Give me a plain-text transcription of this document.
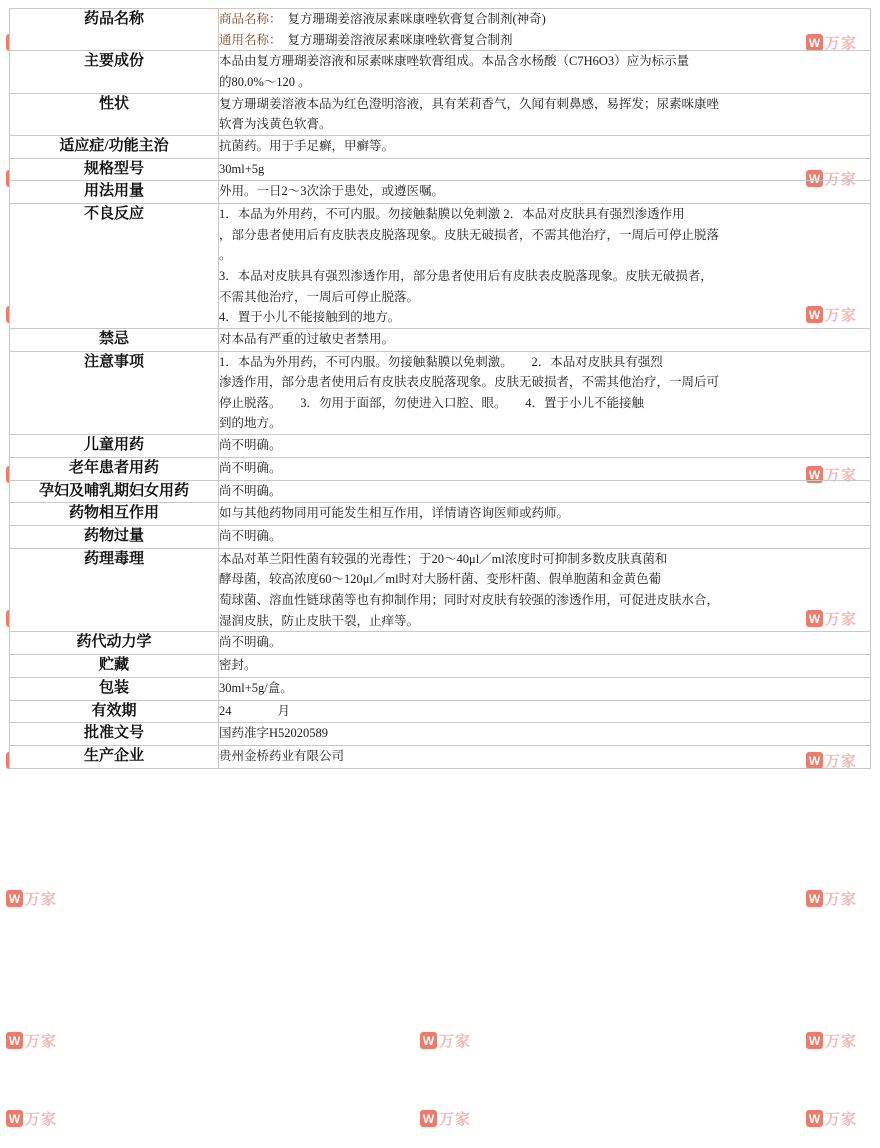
W 万家
W 万家
W 万家
W 万家
W 万家
W 万家
W 万家	W 万家
W 万家	W 万家	W 万家
W 万家	W 万家	W 万家
药品名称	商品名称： 复方珊瑚姜溶液尿素咪康唑软膏复合制剂(神奇)
通用名称： 复方珊瑚姜溶液尿素咪康唑软膏复合制剂

主要成份	本品由复方珊瑚姜溶液和尿素咪康唑软膏组成。本品含水杨酸（C7H6O3）应为标示量
的80.0%～120 。

性状	复方珊瑚姜溶液本品为红色澄明溶液，具有茉莉香气，久闻有刺鼻感，易挥发；尿素咪康唑
软膏为浅黄色软膏。

适应症/功能主治	抗菌药。用于手足癣，甲癣等。

规格型号	30ml+5g

用法用量	外用。一日2～3次涂于患处，或遵医嘱。

不良反应	1．本品为外用药，不可内服。勿接触黏膜以免刺激 2．本品对皮肤具有强烈渗透作用
，部分患者使用后有皮肤表皮脱落现象。皮肤无破损者，不需其他治疗，一周后可停止脱落
。
3．本品对皮肤具有强烈渗透作用，部分患者使用后有皮肤表皮脱落现象。皮肤无破损者，
不需其他治疗，一周后可停止脱落。
4．置于小儿不能接触到的地方。

禁忌	对本品有严重的过敏史者禁用。

注意事项	1．本品为外用药，不可内服。勿接触黏膜以免刺激。　　2．本品对皮肤具有强烈
渗透作用，部分患者使用后有皮肤表皮脱落现象。皮肤无破损者，不需其他治疗，一周后可
停止脱落。　　3．勿用于面部，勿使进入口腔、眼。　　4．置于小儿不能接触
到的地方。

儿童用药	尚不明确。

老年患者用药	尚不明确。

孕妇及哺乳期妇女用药	尚不明确。

药物相互作用	如与其他药物同用可能发生相互作用，详情请咨询医师或药师。

药物过量	尚不明确。

药理毒理	本品对革兰阳性菌有较强的光毒性；于20～40μl／ml浓度时可抑制多数皮肤真菌和
酵母菌，较高浓度60～120μl／ml时对大肠杆菌、变形杆菌、假单胞菌和金黄色葡
萄球菌、溶血性链球菌等也有抑制作用；同时对皮肤有较强的渗透作用，可促进皮肤水合，
湿润皮肤，防止皮肤干裂，止痒等。

药代动力学	尚不明确。

贮藏	密封。

包装	30ml+5g/盒。

有效期	24 月

批准文号	国药准字H52020589

生产企业	贵州金桥药业有限公司
